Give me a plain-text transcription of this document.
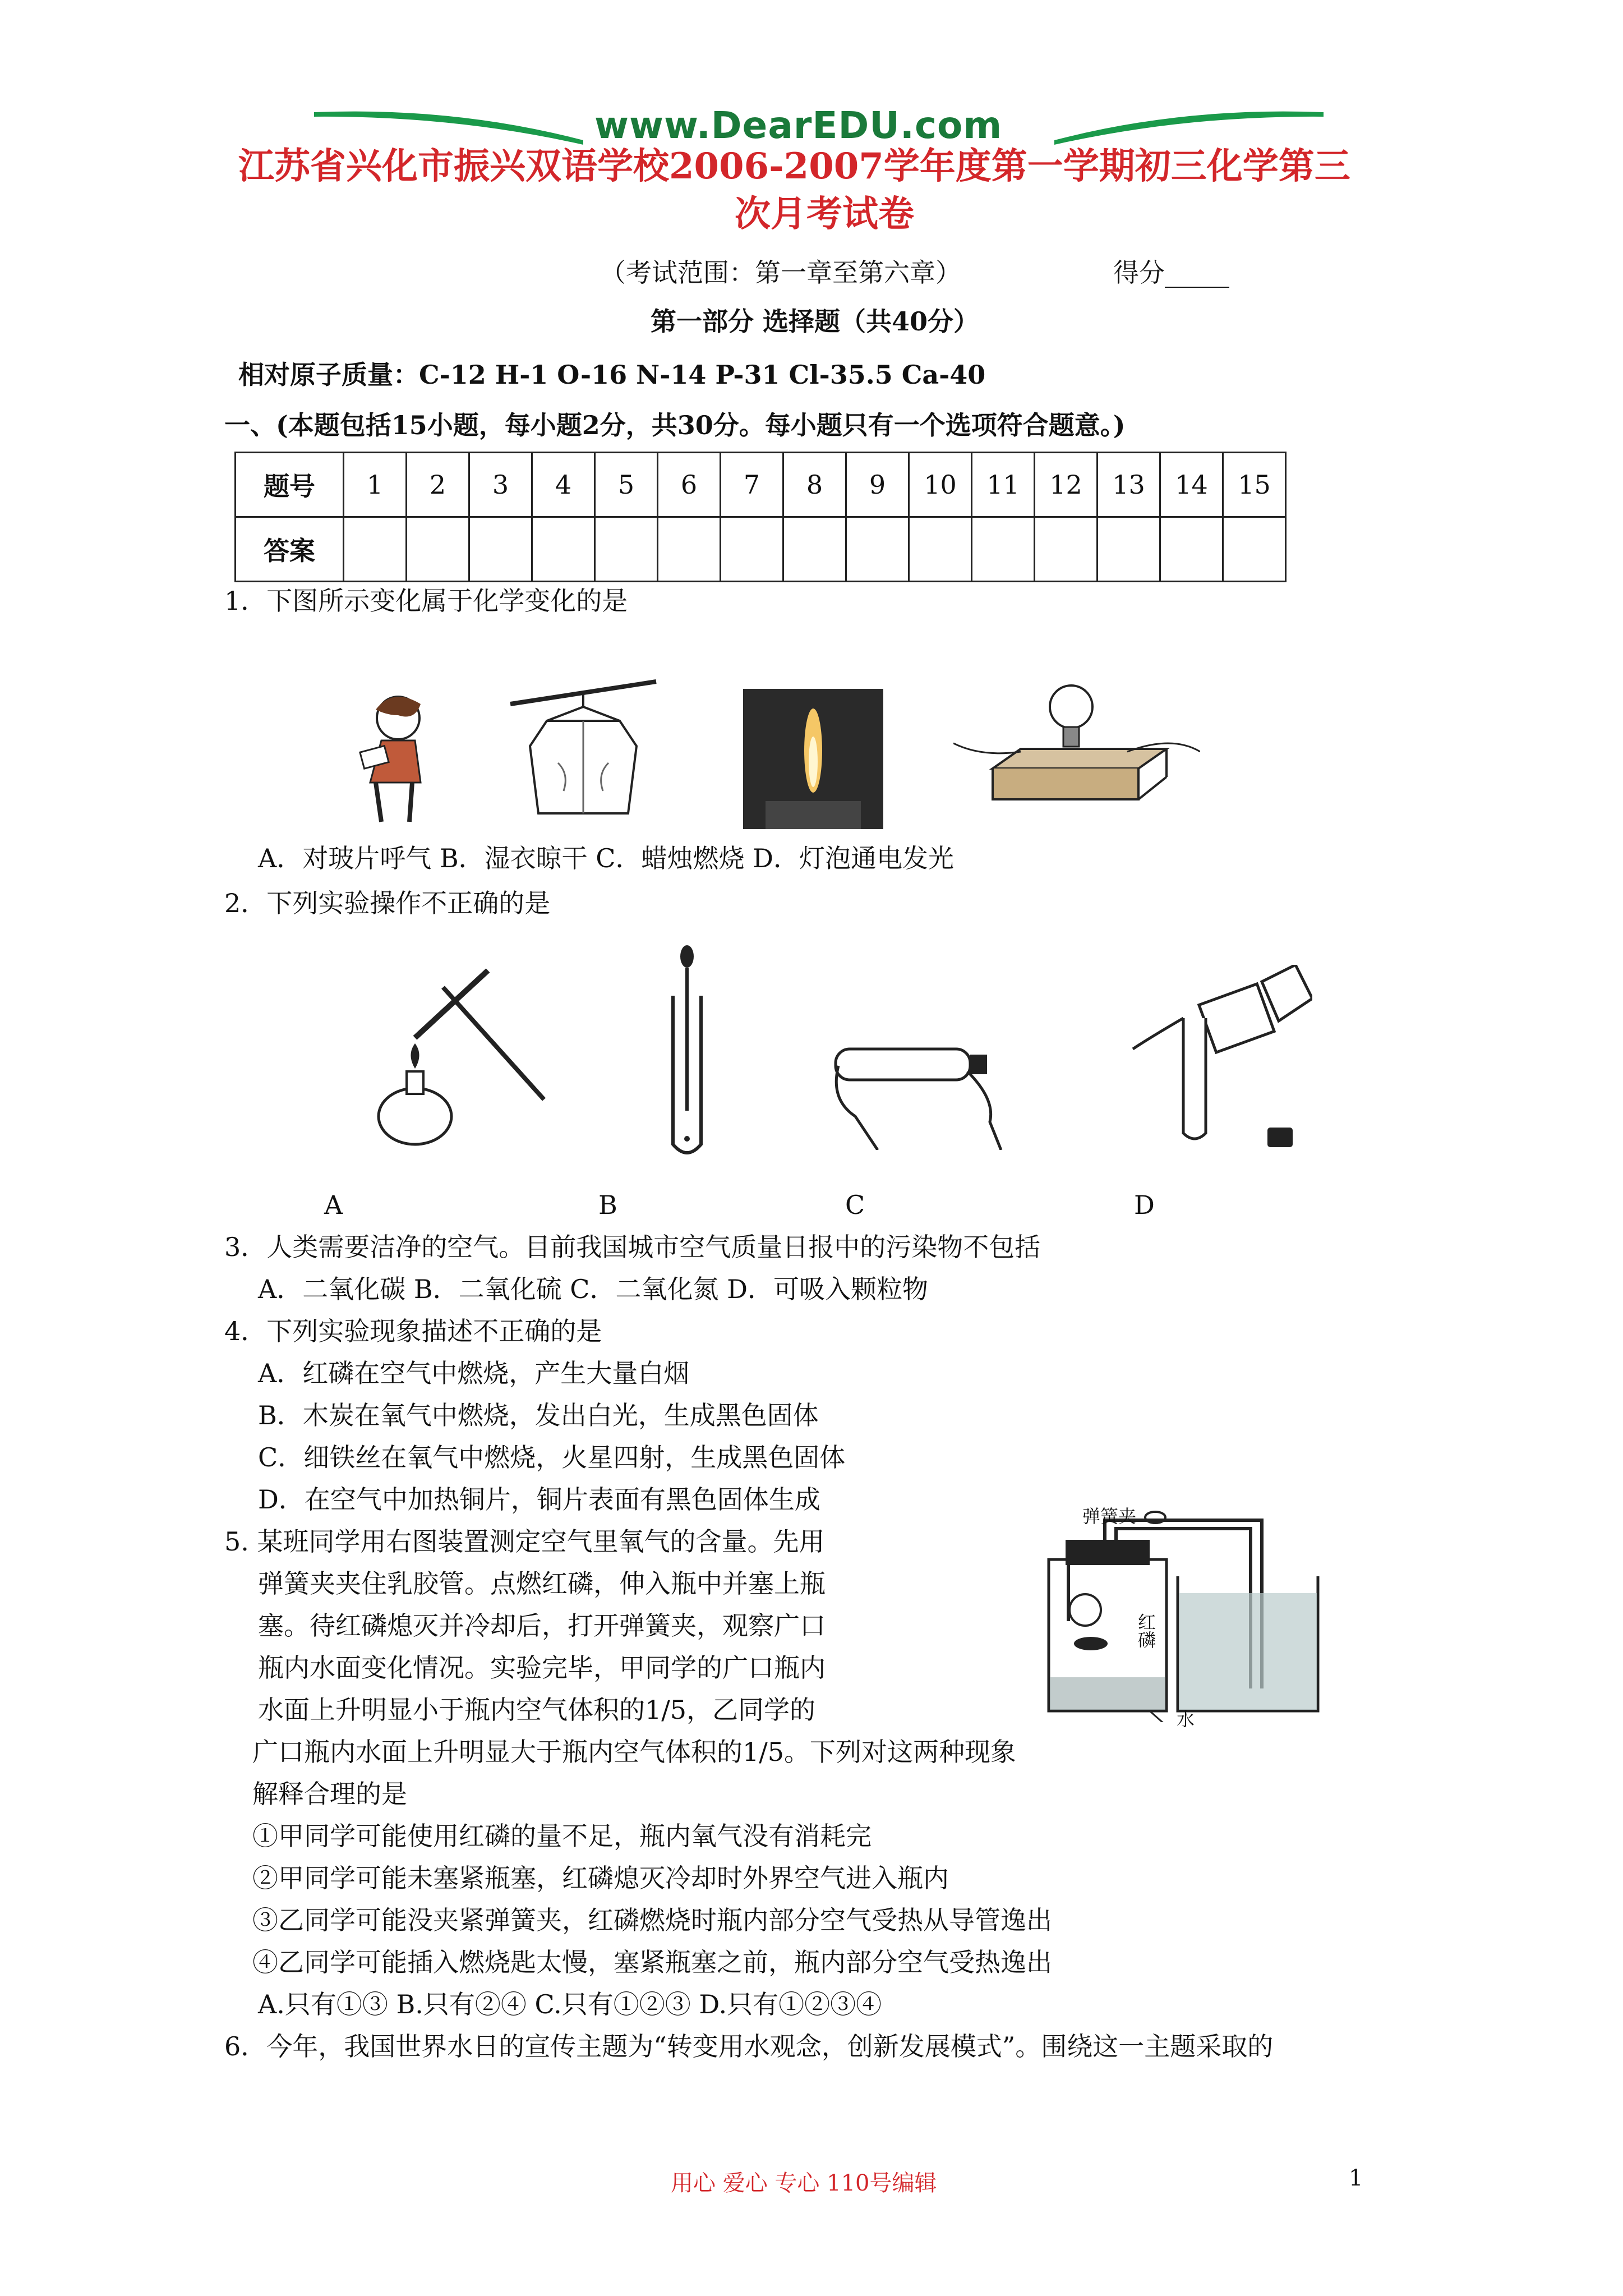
www.DearEDU.com
江苏省兴化市振兴双语学校2006-2007学年度第一学期初三化学第三
次月考试卷
（考试范围：第一章至第六章）	得分_____
第一部分 选择题（共40分）
相对原子质量：C-12 H-1 O-16 N-14 P-31 Cl-35.5 Ca-40
一、(本题包括15小题，每小题2分，共30分。每小题只有一个选项符合题意。)
题号	1	2	3	4	5	6	7	8	9	10	11	12	13	14	15
答案															
1．下图所示变化属于化学变化的是
A．对玻片呼气 B．湿衣晾干 C．蜡烛燃烧 D．灯泡通电发光
2．下列实验操作不正确的是
A	B	C	D
3．人类需要洁净的空气。目前我国城市空气质量日报中的污染物不包括
A．二氧化碳 B．二氧化硫 C．二氧化氮 D．可吸入颗粒物
4．下列实验现象描述不正确的是
A．红磷在空气中燃烧，产生大量白烟
B．木炭在氧气中燃烧，发出白光，生成黑色固体
C．细铁丝在氧气中燃烧，火星四射，生成黑色固体
D．在空气中加热铜片，铜片表面有黑色固体生成
5. 某班同学用右图装置测定空气里氧气的含量。先用
弹簧夹夹住乳胶管。点燃红磷，伸入瓶中并塞上瓶
塞。待红磷熄灭并冷却后，打开弹簧夹，观察广口
瓶内水面变化情况。实验完毕，甲同学的广口瓶内
水面上升明显小于瓶内空气体积的1/5，乙同学的
广口瓶内水面上升明显大于瓶内空气体积的1/5。下列对这两种现象
解释合理的是
弹簧夹
红磷
水
①甲同学可能使用红磷的量不足，瓶内氧气没有消耗完
②甲同学可能未塞紧瓶塞，红磷熄灭冷却时外界空气进入瓶内
③乙同学可能没夹紧弹簧夹，红磷燃烧时瓶内部分空气受热从导管逸出
④乙同学可能插入燃烧匙太慢，塞紧瓶塞之前，瓶内部分空气受热逸出
A.只有①③ B.只有②④ C.只有①②③ D.只有①②③④
6．今年，我国世界水日的宣传主题为“转变用水观念，创新发展模式”。围绕这一主题采取的
用心 爱心 专心 110号编辑	1
